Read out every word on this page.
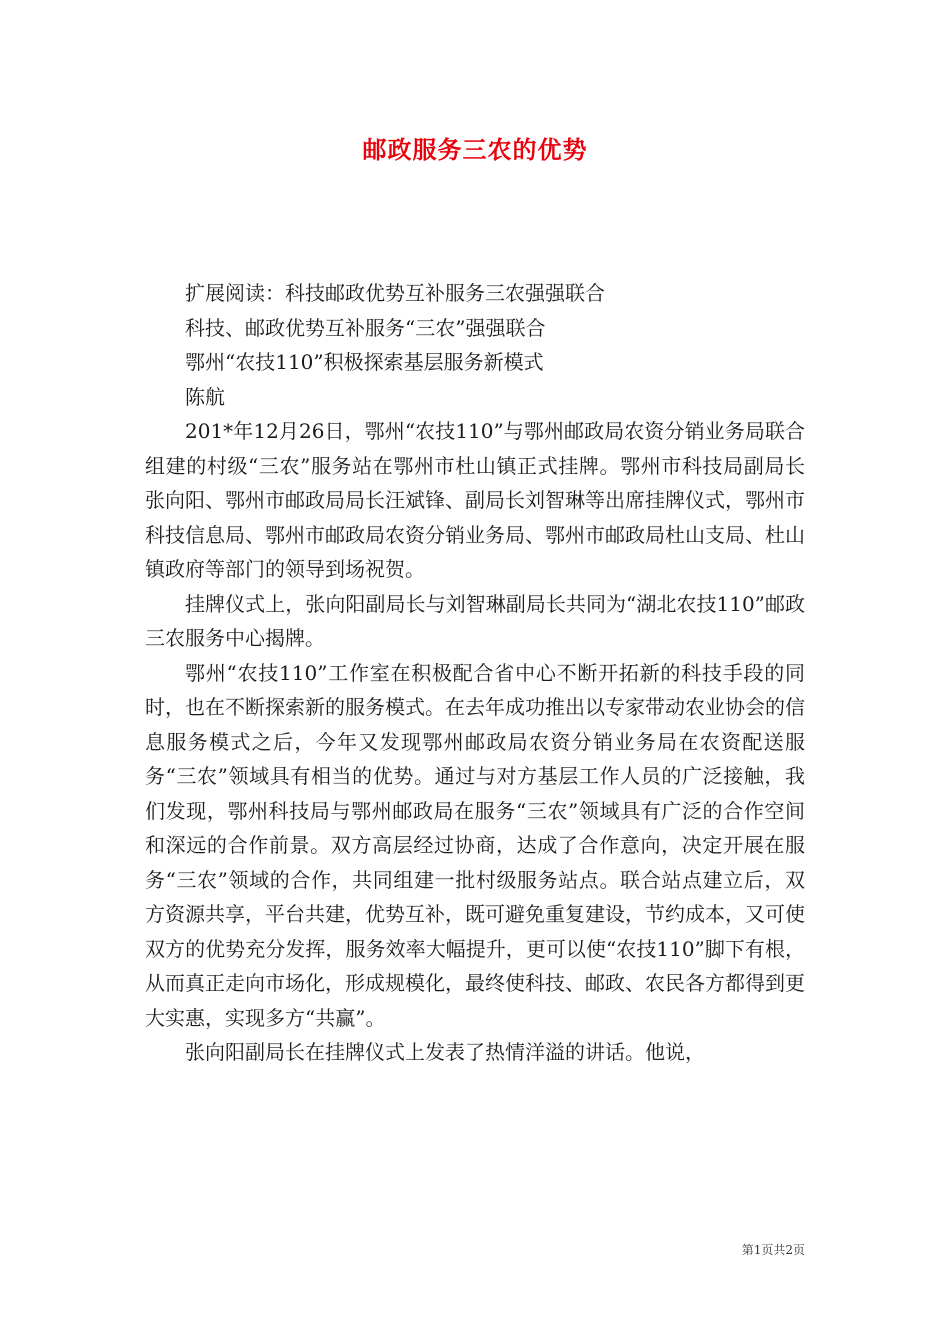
邮政服务三农的优势

扩展阅读：科技邮政优势互补服务三农强强联合

科技、邮政优势互补服务“三农”强强联合

鄂州“农技110”积极探索基层服务新模式

陈航

201*年12月26日，鄂州“农技110”与鄂州邮政局农资分销业务局联合组建的村级“三农”服务站在鄂州市杜山镇正式挂牌。鄂州市科技局副局长张向阳、鄂州市邮政局局长汪斌锋、副局长刘智琳等出席挂牌仪式，鄂州市科技信息局、鄂州市邮政局农资分销业务局、鄂州市邮政局杜山支局、杜山镇政府等部门的领导到场祝贺。

挂牌仪式上，张向阳副局长与刘智琳副局长共同为“湖北农技110”邮政三农服务中心揭牌。

鄂州“农技110”工作室在积极配合省中心不断开拓新的科技手段的同时，也在不断探索新的服务模式。在去年成功推出以专家带动农业协会的信息服务模式之后，今年又发现鄂州邮政局农资分销业务局在农资配送服务“三农”领域具有相当的优势。通过与对方基层工作人员的广泛接触，我们发现，鄂州科技局与鄂州邮政局在服务“三农”领域具有广泛的合作空间和深远的合作前景。双方高层经过协商，达成了合作意向，决定开展在服务“三农”领域的合作，共同组建一批村级服务站点。联合站点建立后，双方资源共享，平台共建，优势互补，既可避免重复建设，节约成本，又可使双方的优势充分发挥，服务效率大幅提升，更可以使“农技110”脚下有根，从而真正走向市场化，形成规模化，最终使科技、邮政、农民各方都得到更大实惠，实现多方“共赢”。

张向阳副局长在挂牌仪式上发表了热情洋溢的讲话。他说，

第1页共2页
